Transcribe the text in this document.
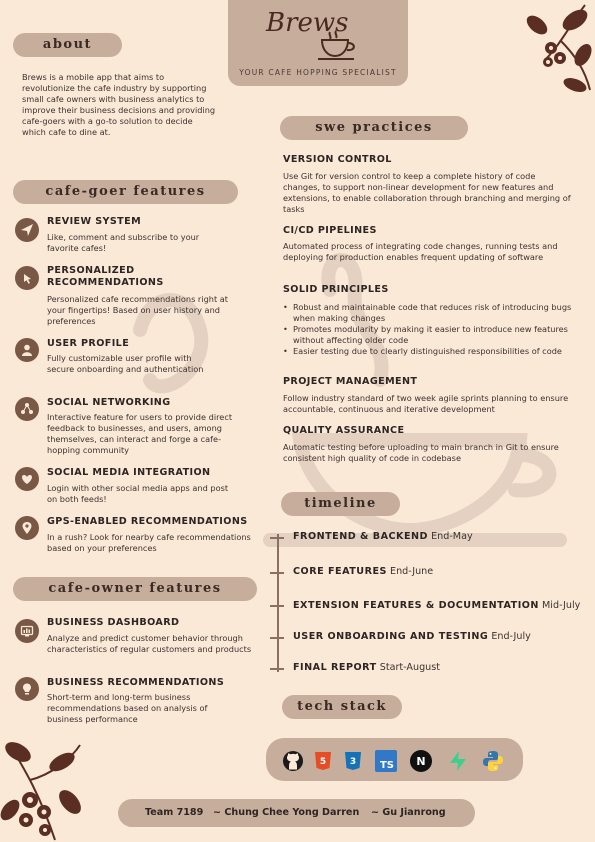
Brews
YOUR CAFE HOPPING SPECIALIST
about
Brews is a mobile app that aims to revolutionize the cafe industry by supporting small cafe owners with business analytics to improve their business decisions and providing cafe-goers with a go-to solution to decide which cafe to dine at.
cafe-goer features
REVIEW SYSTEM
Like, comment and subscribe to your favorite cafes!
PERSONALIZED RECOMMENDATIONS
Personalized cafe recommendations right at your fingertips! Based on user history and preferences
USER PROFILE
Fully customizable user profile with secure onboarding and authentication
SOCIAL NETWORKING
Interactive feature for users to provide direct feedback to businesses, and users, among themselves, can interact and forge a cafe-hopping community
SOCIAL MEDIA INTEGRATION
Login with other social media apps and post on both feeds!
GPS-ENABLED RECOMMENDATIONS
In a rush? Look for nearby cafe recommendations based on your preferences
cafe-owner features
BUSINESS DASHBOARD
Analyze and predict customer behavior through characteristics of regular customers and products
BUSINESS RECOMMENDATIONS
Short-term and long-term business recommendations based on analysis of business performance
swe practices
VERSION CONTROL
Use Git for version control to keep a complete history of code changes, to support non-linear development for new features and extensions, to enable collaboration through branching and merging of tasks
CI/CD PIPELINES
Automated process of integrating code changes, running tests and deploying for production enables frequent updating of software
SOLID PRINCIPLES
• Robust and maintainable code that reduces risk of introducing bugs when making changes
• Promotes modularity by making it easier to introduce new features without affecting older code
• Easier testing due to clearly distinguished responsibilities of code
PROJECT MANAGEMENT
Follow industry standard of two week agile sprints planning to ensure accountable, continuous and iterative development
QUALITY ASSURANCE
Automatic testing before uploading to main branch in Git to ensure consistent high quality of code in codebase
timeline
FRONTEND & BACKEND End-May
CORE FEATURES End-June
EXTENSION FEATURES & DOCUMENTATION Mid-July
USER ONBOARDING AND TESTING End-July
FINAL REPORT Start-August
tech stack
5	3 TS N
Team 7189 ~ Chung Chee Yong Darren ~ Gu Jianrong
